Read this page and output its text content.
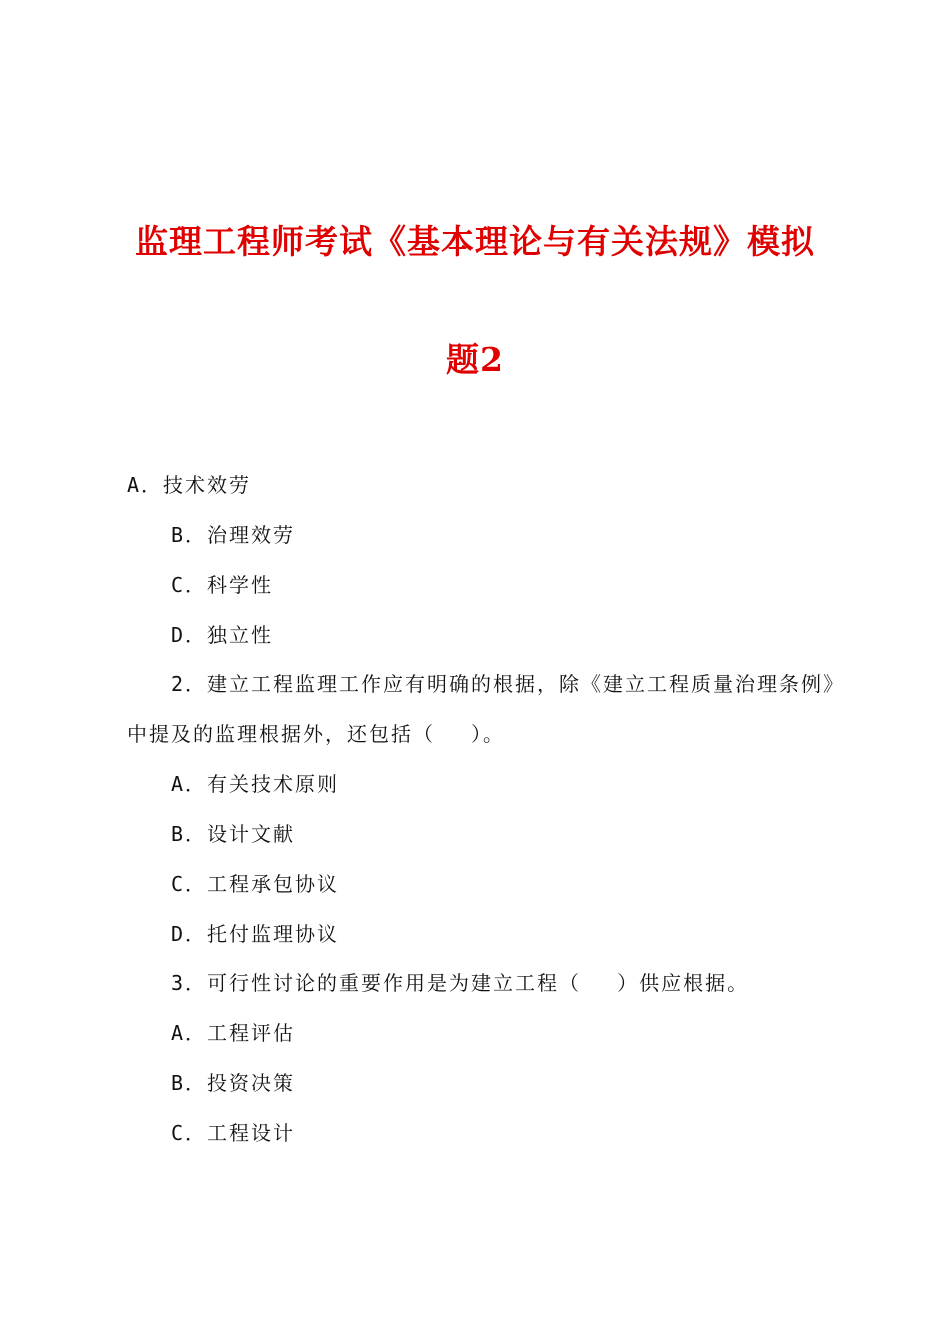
监理工程师考试《基本理论与有关法规》模拟
题2

A．技术效劳

B．治理效劳

C．科学性

D．独立性

2．建立工程监理工作应有明确的根据，除《建立工程质量治理条例》中提及的监理根据外，还包括（　 ）。

A．有关技术原则

B．设计文献

C．工程承包协议

D．托付监理协议

3．可行性讨论的重要作用是为建立工程（　 ）供应根据。

A．工程评估

B．投资决策

C．工程设计
